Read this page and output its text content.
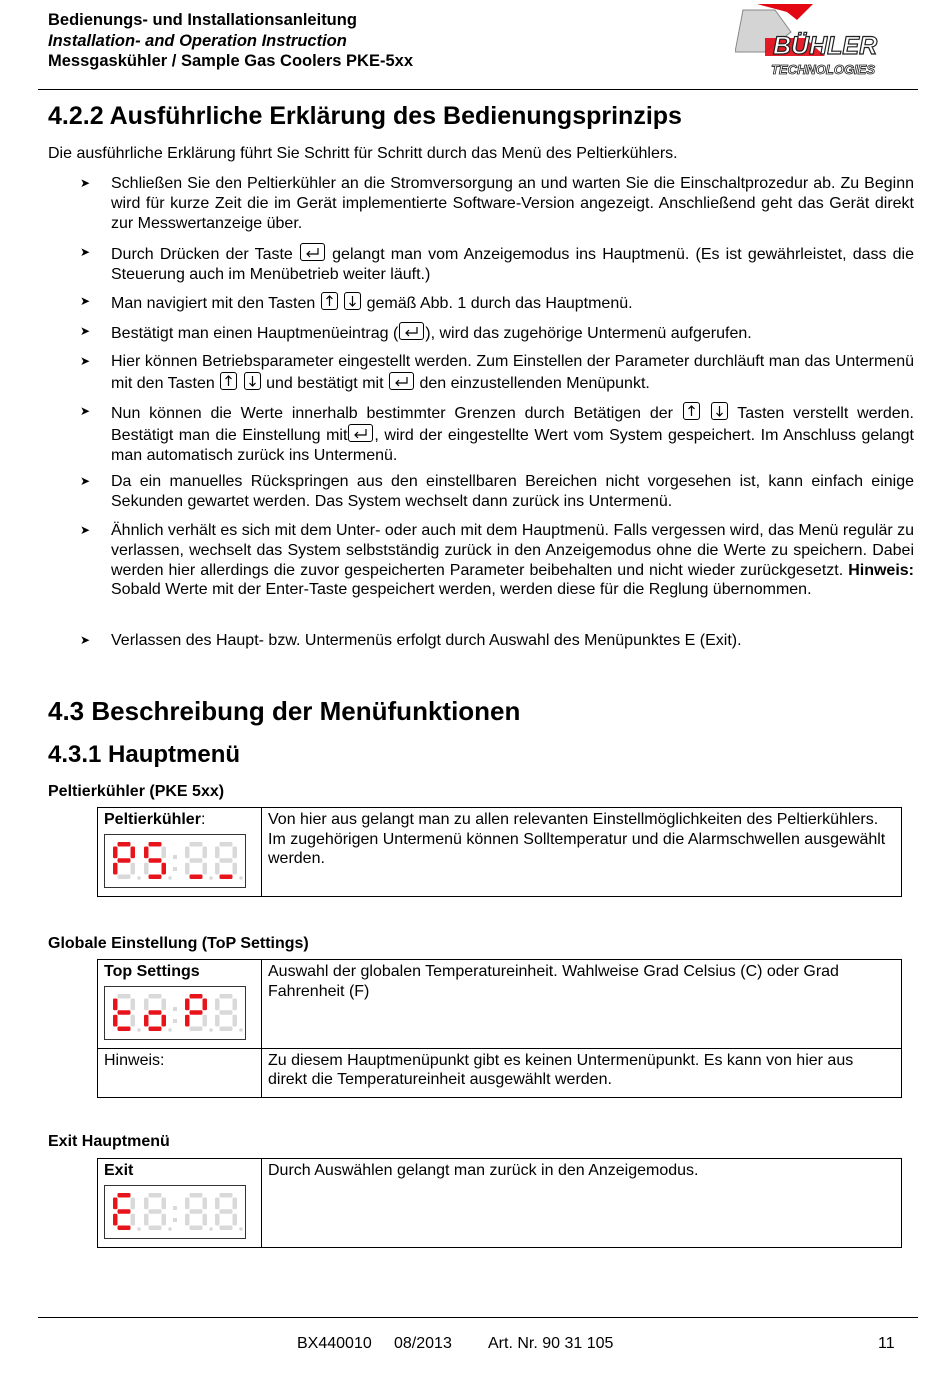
Bedienungs- und Installationsanleitung
Installation- and Operation Instruction
Messgaskühler / Sample Gas Coolers PKE-5xx
BÜHLER
TECHNOLOGIES
4.2.2 Ausführliche Erklärung des Bedienungsprinzips
Die ausführliche Erklärung führt Sie Schritt für Schritt durch das Menü des Peltierkühlers.
➤ Schließen Sie den Peltierkühler an die Stromversorgung an und warten Sie die Einschaltprozedur ab. Zu Beginn wird für kurze Zeit die im Gerät implementierte Software-Version angezeigt. Anschließend geht das Gerät direkt zur Messwertanzeige über.
➤ Durch Drücken der Taste gelangt man vom Anzeigemodus ins Hauptmenü. (Es ist gewährleistet, dass die Steuerung auch im Menübetrieb weiter läuft.)
➤ Man navigiert mit den Tasten
	gemäß Abb. 1 durch das Hauptmenü.
➤ Bestätigt man einen Hauptmenüeintrag ( ), wird das zugehörige Untermenü aufgerufen.
➤ Hier können Betriebsparameter eingestellt werden. Zum Einstellen der Parameter durchläuft man das Untermenü mit den Tasten
	und bestätigt mit den einzustellenden Menüpunkt.
➤ Nun können die Werte innerhalb bestimmter Grenzen durch Betätigen der
	Tasten verstellt werden. Bestätigt man die Einstellung mit , wird der eingestellte Wert vom System gespeichert. Im Anschluss gelangt man automatisch zurück ins Untermenü.
➤ Da ein manuelles Rückspringen aus den einstellbaren Bereichen nicht vorgesehen ist, kann einfach einige Sekunden gewartet werden. Das System wechselt dann zurück ins Untermenü.
➤ Ähnlich verhält es sich mit dem Unter- oder auch mit dem Hauptmenü. Falls vergessen wird, das Menü regulär zu verlassen, wechselt das System selbstständig zurück in den Anzeigemodus ohne die Werte zu speichern. Dabei werden hier allerdings die zuvor gespeicherten Parameter beibehalten und nicht wieder zurückgesetzt. Hinweis: Sobald Werte mit der Enter-Taste gespeichert werden, werden diese für die Reglung übernommen.
➤ Verlassen des Haupt- bzw. Untermenüs erfolgt durch Auswahl des Menüpunktes E (Exit).
4.3 Beschreibung der Menüfunktionen
4.3.1 Hauptmenü
Peltierkühler (PKE 5xx)
Peltierkühler:	Von hier aus gelangt man zu allen relevanten Einstellmöglichkeiten des Peltierkühlers. Im zugehörigen Untermenü können Solltemperatur und die Alarmschwellen ausgewählt werden.
Globale Einstellung (ToP Settings)
Top Settings	Auswahl der globalen Temperatureinheit. Wahlweise Grad Celsius (C) oder Grad Fahrenheit (F)
Hinweis:	Zu diesem Hauptmenüpunkt gibt es keinen Untermenüpunkt. Es kann von hier aus direkt die Temperatureinheit ausgewählt werden.
Exit Hauptmenü
Exit	Durch Auswählen gelangt man zurück in den Anzeigemodus.
BX440010 08/2013 Art. Nr. 90 31 105	11
